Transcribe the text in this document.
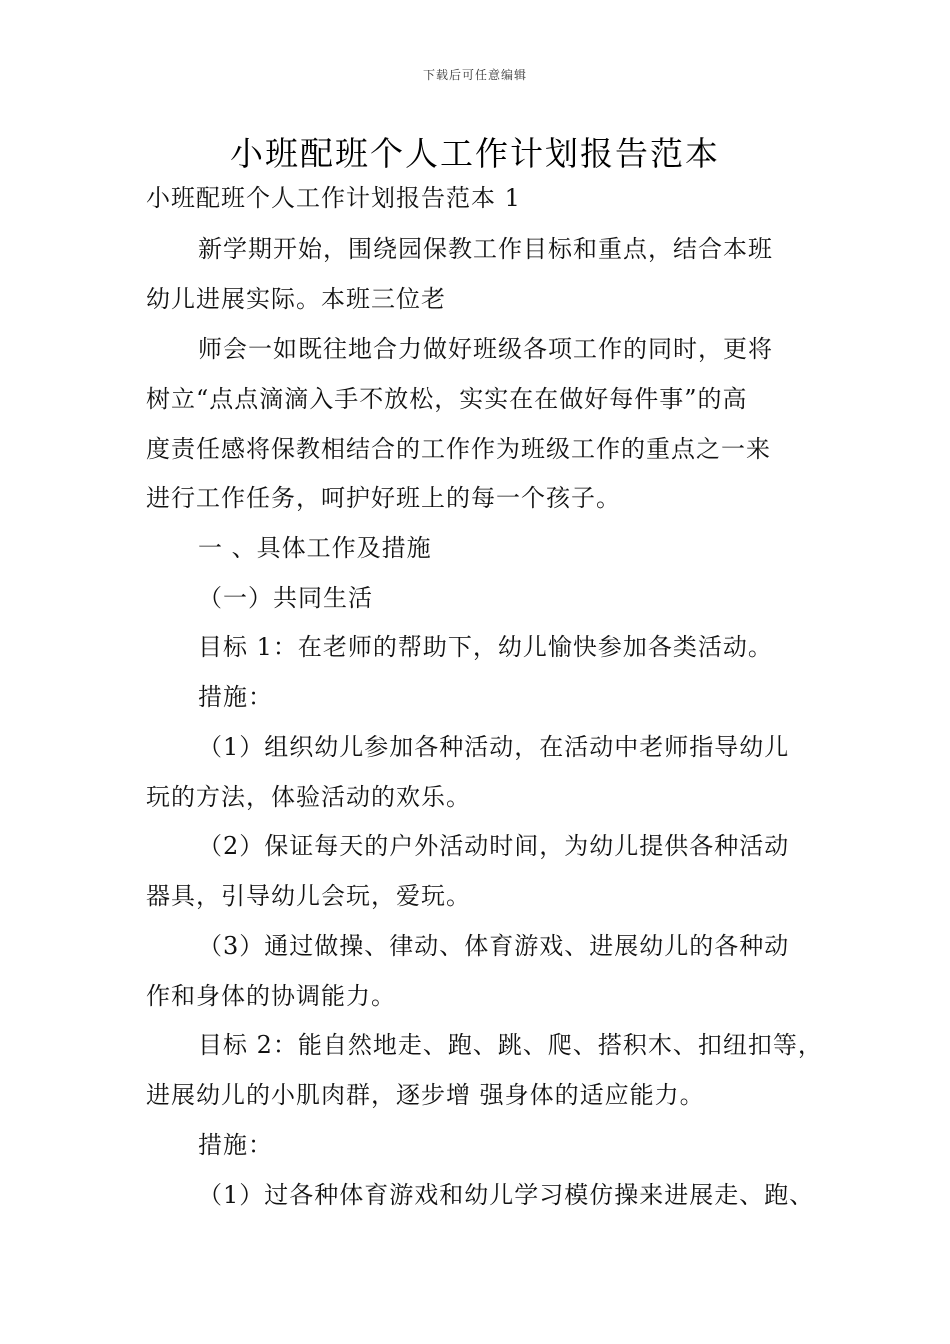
下载后可任意编辑
小班配班个人工作计划报告范本
小班配班个人工作计划报告范本 1
新学期开始，围绕园保教工作目标和重点，结合本班
幼儿进展实际。本班三位老
师会一如既往地合力做好班级各项工作的同时，更将
树立“点点滴滴入手不放松，实实在在做好每件事”的高
度责任感将保教相结合的工作作为班级工作的重点之一来
进行工作任务，呵护好班上的每一个孩子。
一 、具体工作及措施
（一）共同生活
目标 1：在老师的帮助下，幼儿愉快参加各类活动。
措施：
（1）组织幼儿参加各种活动，在活动中老师指导幼儿
玩的方法，体验活动的欢乐。
（2）保证每天的户外活动时间，为幼儿提供各种活动
器具，引导幼儿会玩，爱玩。
（3）通过做操、律动、体育游戏、进展幼儿的各种动
作和身体的协调能力。
目标 2：能自然地走、跑、跳、爬、搭积木、扣纽扣等，
进展幼儿的小肌肉群，逐步增 强身体的适应能力。
措施：
（1）过各种体育游戏和幼儿学习模仿操来进展走、跑、
